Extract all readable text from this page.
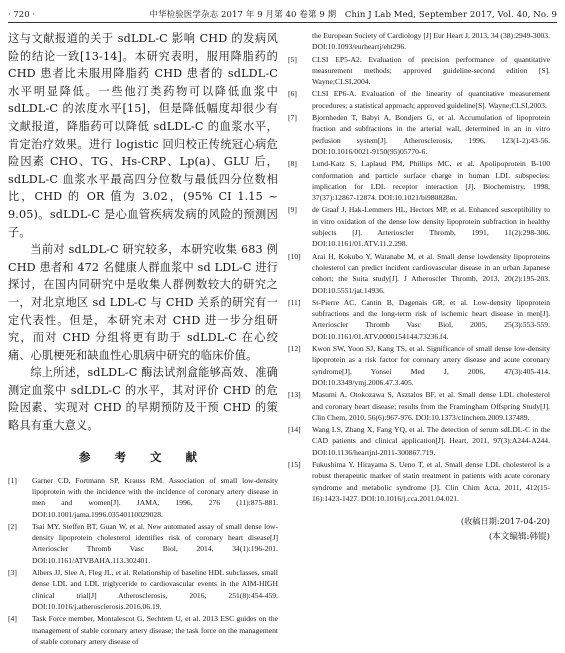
· 720 ·	中华检验医学杂志 2017 年 9 月第 40 卷第 9 期　Chin J Lab Med, September 2017, Vol. 40, No. 9

这与文献报道的关于 sdLDL-C 影响 CHD 的发病风险的结论一致[13-14]。本研究表明，服用降脂药的 CHD 患者比未服用降脂药 CHD 患者的 sdLDL-C 水平明显降低。一些他汀类药物可以降低血浆中 sdLDL-C 的浓度水平[15]，但是降低幅度却很少有文献报道，降脂药可以降低 sdLDL-C 的血浆水平，肯定治疗效果。进行 logistic 回归校正传统冠心病危险因素 CHO、TG、Hs-CRP、Lp(a)、GLU 后，sdLDL-C 血浆水平最高四分位数与最低四分位数相比，CHD 的 OR 值为 3.02，(95% CI 1.15 ~ 9.05)。sdLDL-C 是心血管疾病发病的风险的预测因子。

当前对 sdLDL-C 研究较多，本研究收集 683 例 CHD 患者和 472 名健康人群血浆中 sd LDL-C 进行探讨，在国内同研究中是收集人群例数较大的研究之一，对北京地区 sd LDL-C 与 CHD 关系的研究有一定代表性。但是，本研究未对 CHD 进一步分组研究，而对 CHD 分组将更有助于 sdLDL-C 在心绞痛、心肌梗死和缺血性心肌病中研究的临床价值。

综上所述，sdLDL-C 酶法试剂盒能够高效、准确测定血浆中 sdLDL-C 的水平，其对评价 CHD 的危险因素、实现对 CHD 的早期预防及干预 CHD 的策略具有重大意义。

参 考 文 献
[1]	Garner CD, Fortmann SP, Krauss RM. Association of small low-density lipoprotein with the incidence with the incidence of coronary artery disease in men and women[J]. JAMA, 1996, 276 (11):875-881. DOI:10.1001/jama.1996.03540110029028.
[2]	Tsai MY, Steffen BT, Guan W, et al. New automated assay of small dense low-density lipoprotein cholesterol identifies risk of coronary heart disease[J] Arterioscler Thromb Vasc Biol, 2014, 34(1):196-201. DOI:10.1161/ATVBAHA.113.302401.
[3]	Albers JJ, Slee A, Fleg JL, et al. Relationship of baseline HDL subclasses, small dense LDL and LDL triglyceride to cardiovascular events in the AIM-HIGH clinical trial[J] Atherosclerosis, 2016, 251(8):454-459. DOI:10.1016/j.atherosclerosis.2016.06.19.
[4]	Task Force member, Montalescot G, Sechtem U, et al. 2013 ESC guides on the management of stable coronary artery disease; the task force on the management of stable coronary artery disease of
the European Society of Cardiology [J] Eur Heart J, 2013, 34 (38):2949-3003. DOI:10.1093/eurheartj/eht296.
[5]	CLSI EP5-A2. Evaluation of precision performance of quantitative measurement methods; approved guideline-second edition [S]. Wayne;CLSI,2004.
[6]	CLSI EP6-A. Evaluation of the linearity of quantitative measurement procedures; a statistical approach; approved guideline[S]. Wayne;CLSI,2003.
[7]	Bjornheden T, Babyi A, Bondjers G, et al. Accumulation of lipoprotein fraction and subfractions in the arterial wall, determined in an in vitro perfusion system[J]. Atherosclerosis, 1996, 123(1-2):43-56. DOI:10.1016/0021-9150(95)05770-6.
[8]	Lund-Katz S, Laplaud PM, Phillips MC, et al. Apolipoprotein B-100 conformation and particle surface charge in human LDL subspecies: implication for LDL receptor interaction [J]. Biochemistry, 1998, 37(37):12867-12874. DOI:10.1021/bi980828m.
[9]	de Graaf J, Hak-Lemmers HL, Hectors MP, et al. Enhanced susceptibility to in vitro oxidation of the dense low density lipoprotein subfraction in healthy subjects [J]. Arterioscler Thromb, 1991, 11(2):298-306. DOI:10.1161/01.ATV.11.2.298.
[10]	Arai H, Kokubo Y, Watanabe M, et al. Small dense lowdensity lipoproteins cholesterol can predict incident cardiovascular disease in an urban Japanese cohort; the Suita study[J]. J Atheroscler Thromb, 2013, 20(2):195-203. DOI:10.5551/jat.14936.
[11]	St-Pierre AC, Cantin B, Dagenais GR, et al. Low-density lipoprotein subfractions and the long-term risk of ischemic heart disease in men[J]. Arterioscler Thromb Vasc Biol, 2005, 25(3):553-559. DOI:10.1161/01.ATV.0000154144.73236.f4.
[12]	Kwon SW, Yoon SJ, Kang TS, et al. Significance of small dense low-density lipoprotein as a risk factor for coronary artery disease and acute coronary syndrome[J]. Yonsei Med J, 2006, 47(3):405-414. DOI:10.3349/ymj.2006.47.3.405.
[13]	Masumi A, Otokozawa S, Asztalos BF, et al. Small dense LDL cholesterol and coronary heart disease; results from the Framingham Offspring Study[J]. Clin Chem, 2010, 56(6):967-976. DOI:10.1373/clinchem.2009.137489.
[14]	Wang LS, Zhang X, Fang YQ, et al. The detection of serum sdLDL-C in the CAD patients and clinical application[J]. Heart, 2011, 97(3):A244-A244. DOI:10.1136/heartjnl-2011-300867.719.
[15]	Fukushima Y, Hirayama S, Ueno T, et al. Small dense LDL cholesterol is a robust therapeutic marker of statin treatment in patients with acute coronary syndrome and metabolic syndrome [J]. Clin Chim Acta, 2011, 412(15-16):1423-1427. DOI:10.1016/j.cca.2011.04.021.
(收稿日期:2017-04-20)
(本文编辑:韩锟)
